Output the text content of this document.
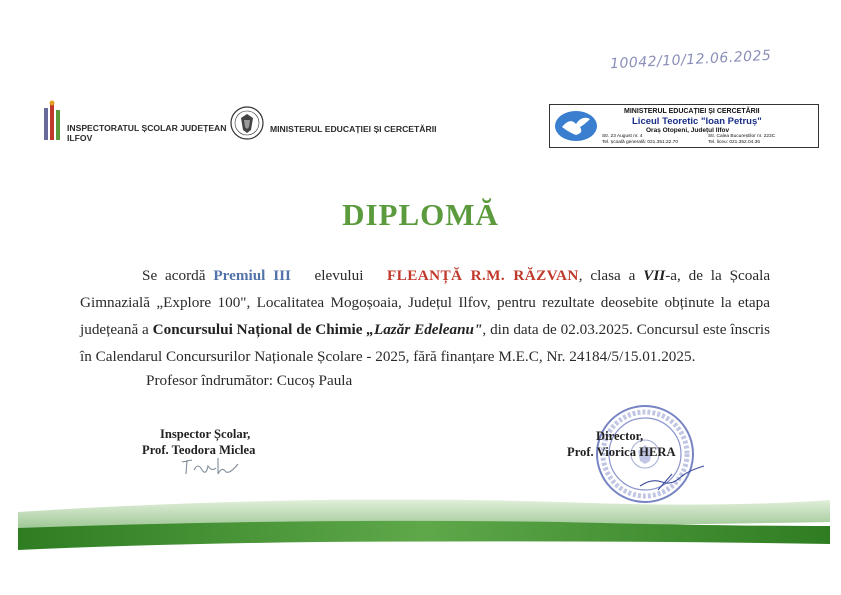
10042/10/12.06.2025
INSPECTORATUL ȘCOLAR JUDEȚEAN ILFOV
MINISTERUL EDUCAȚIEI ȘI CERCETĂRII
MINISTERUL EDUCAȚIEI ȘI CERCETĂRII
Liceul Teoretic "Ioan Petruș"
Oraș Otopeni, Județul Ilfov
Str. 23 August nr. 4	Str. Calea Bucureștilor nr. 223C
Tel. școală generală: 021.351.22.70	Tel. liceu: 021.352.04.36
DIPLOMĂ

Se acordă Premiul III elevului FLEANȚĂ R.M. RĂZVAN, clasa a VII-a, de la Școala Gimnazială „Explore 100", Localitatea Mogoșoaia, Județul Ilfov, pentru rezultate deosebite obținute la etapa județeană a Concursului Național de Chimie „Lazăr Edeleanu", din data de 02.03.2025. Concursul este înscris în Calendarul Concursurilor Naționale Școlare - 2025, fără finanțare M.E.C, Nr. 24184/5/15.01.2025.

Profesor îndrumător: Cucoș Paula
Inspector Școlar,
Prof. Teodora Miclea
Director,
Prof. Viorica HERA
